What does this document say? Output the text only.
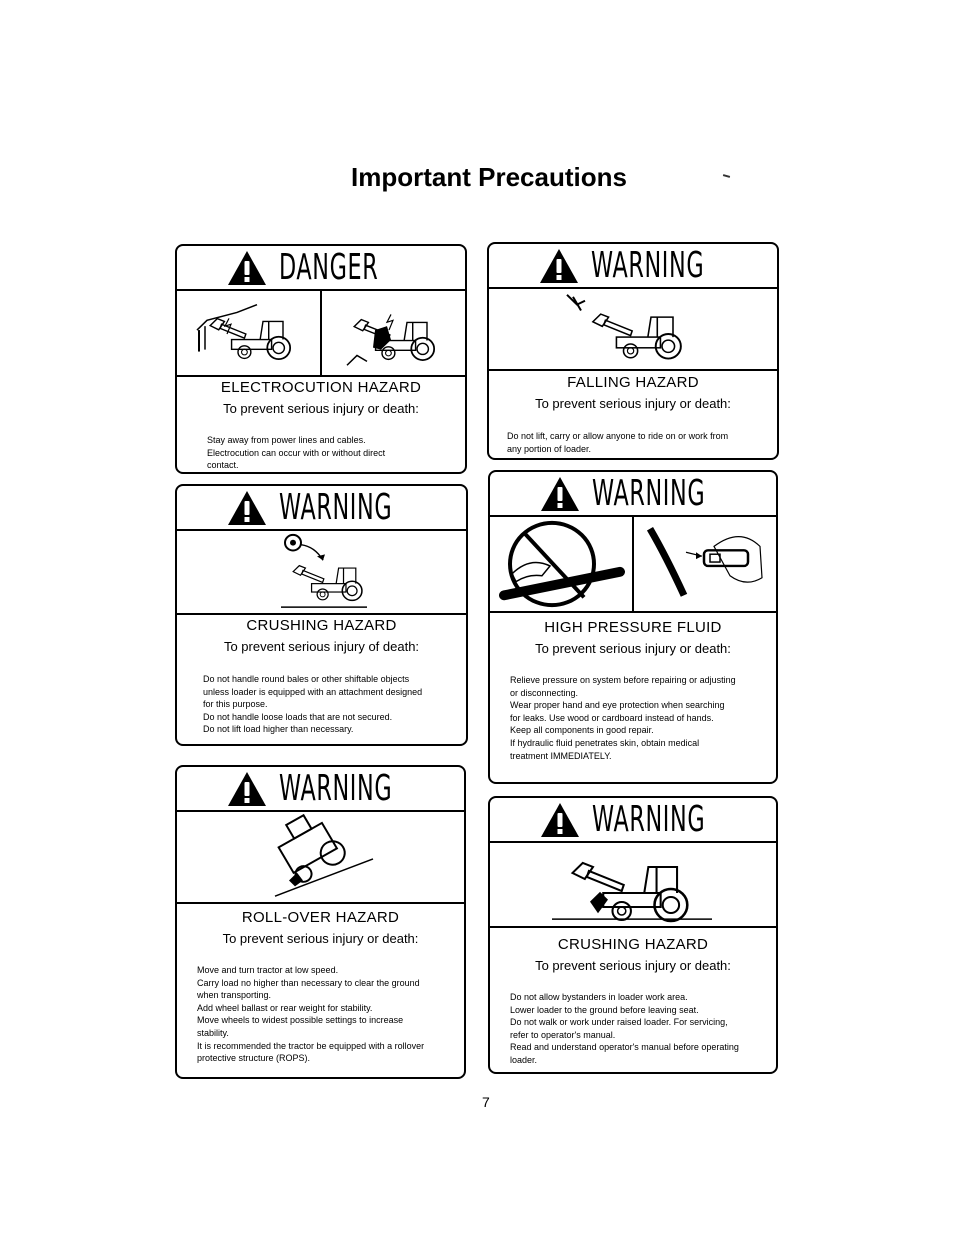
Important Precautions
DANGER
ELECTROCUTION HAZARD
To prevent serious injury or death:
Stay away from power lines and cables.
Electrocution can occur with or without direct
contact.
WARNING
FALLING HAZARD
To prevent serious injury or death:
Do not lift, carry or allow anyone to ride on or work from
any portion of loader.
WARNING
CRUSHING HAZARD
To prevent serious injury of death:
Do not handle round bales or other shiftable objects
unless loader is equipped with an attachment designed
for this purpose.
Do not handle loose loads that are not secured.
Do not lift load higher than necessary.
WARNING
HIGH PRESSURE FLUID
To prevent serious injury or death:
Relieve pressure on system before repairing or adjusting
or disconnecting.
Wear proper hand and eye protection when searching
for leaks. Use wood or cardboard instead of hands.
Keep all components in good repair.
If hydraulic fluid penetrates skin, obtain medical
treatment IMMEDIATELY.
WARNING
ROLL-OVER HAZARD
To prevent serious injury or death:
Move and turn tractor at low speed.
Carry load no higher than necessary to clear the ground
when transporting.
Add wheel ballast or rear weight for stability.
Move wheels to widest possible settings to increase
stability.
It is recommended the tractor be equipped with a rollover
protective structure (ROPS).
WARNING
CRUSHING HAZARD
To prevent serious injury or death:
Do not allow bystanders in loader work area.
Lower loader to the ground before leaving seat.
Do not walk or work under raised loader. For servicing,
refer to operator's manual.
Read and understand operator's manual before operating
loader.
7
